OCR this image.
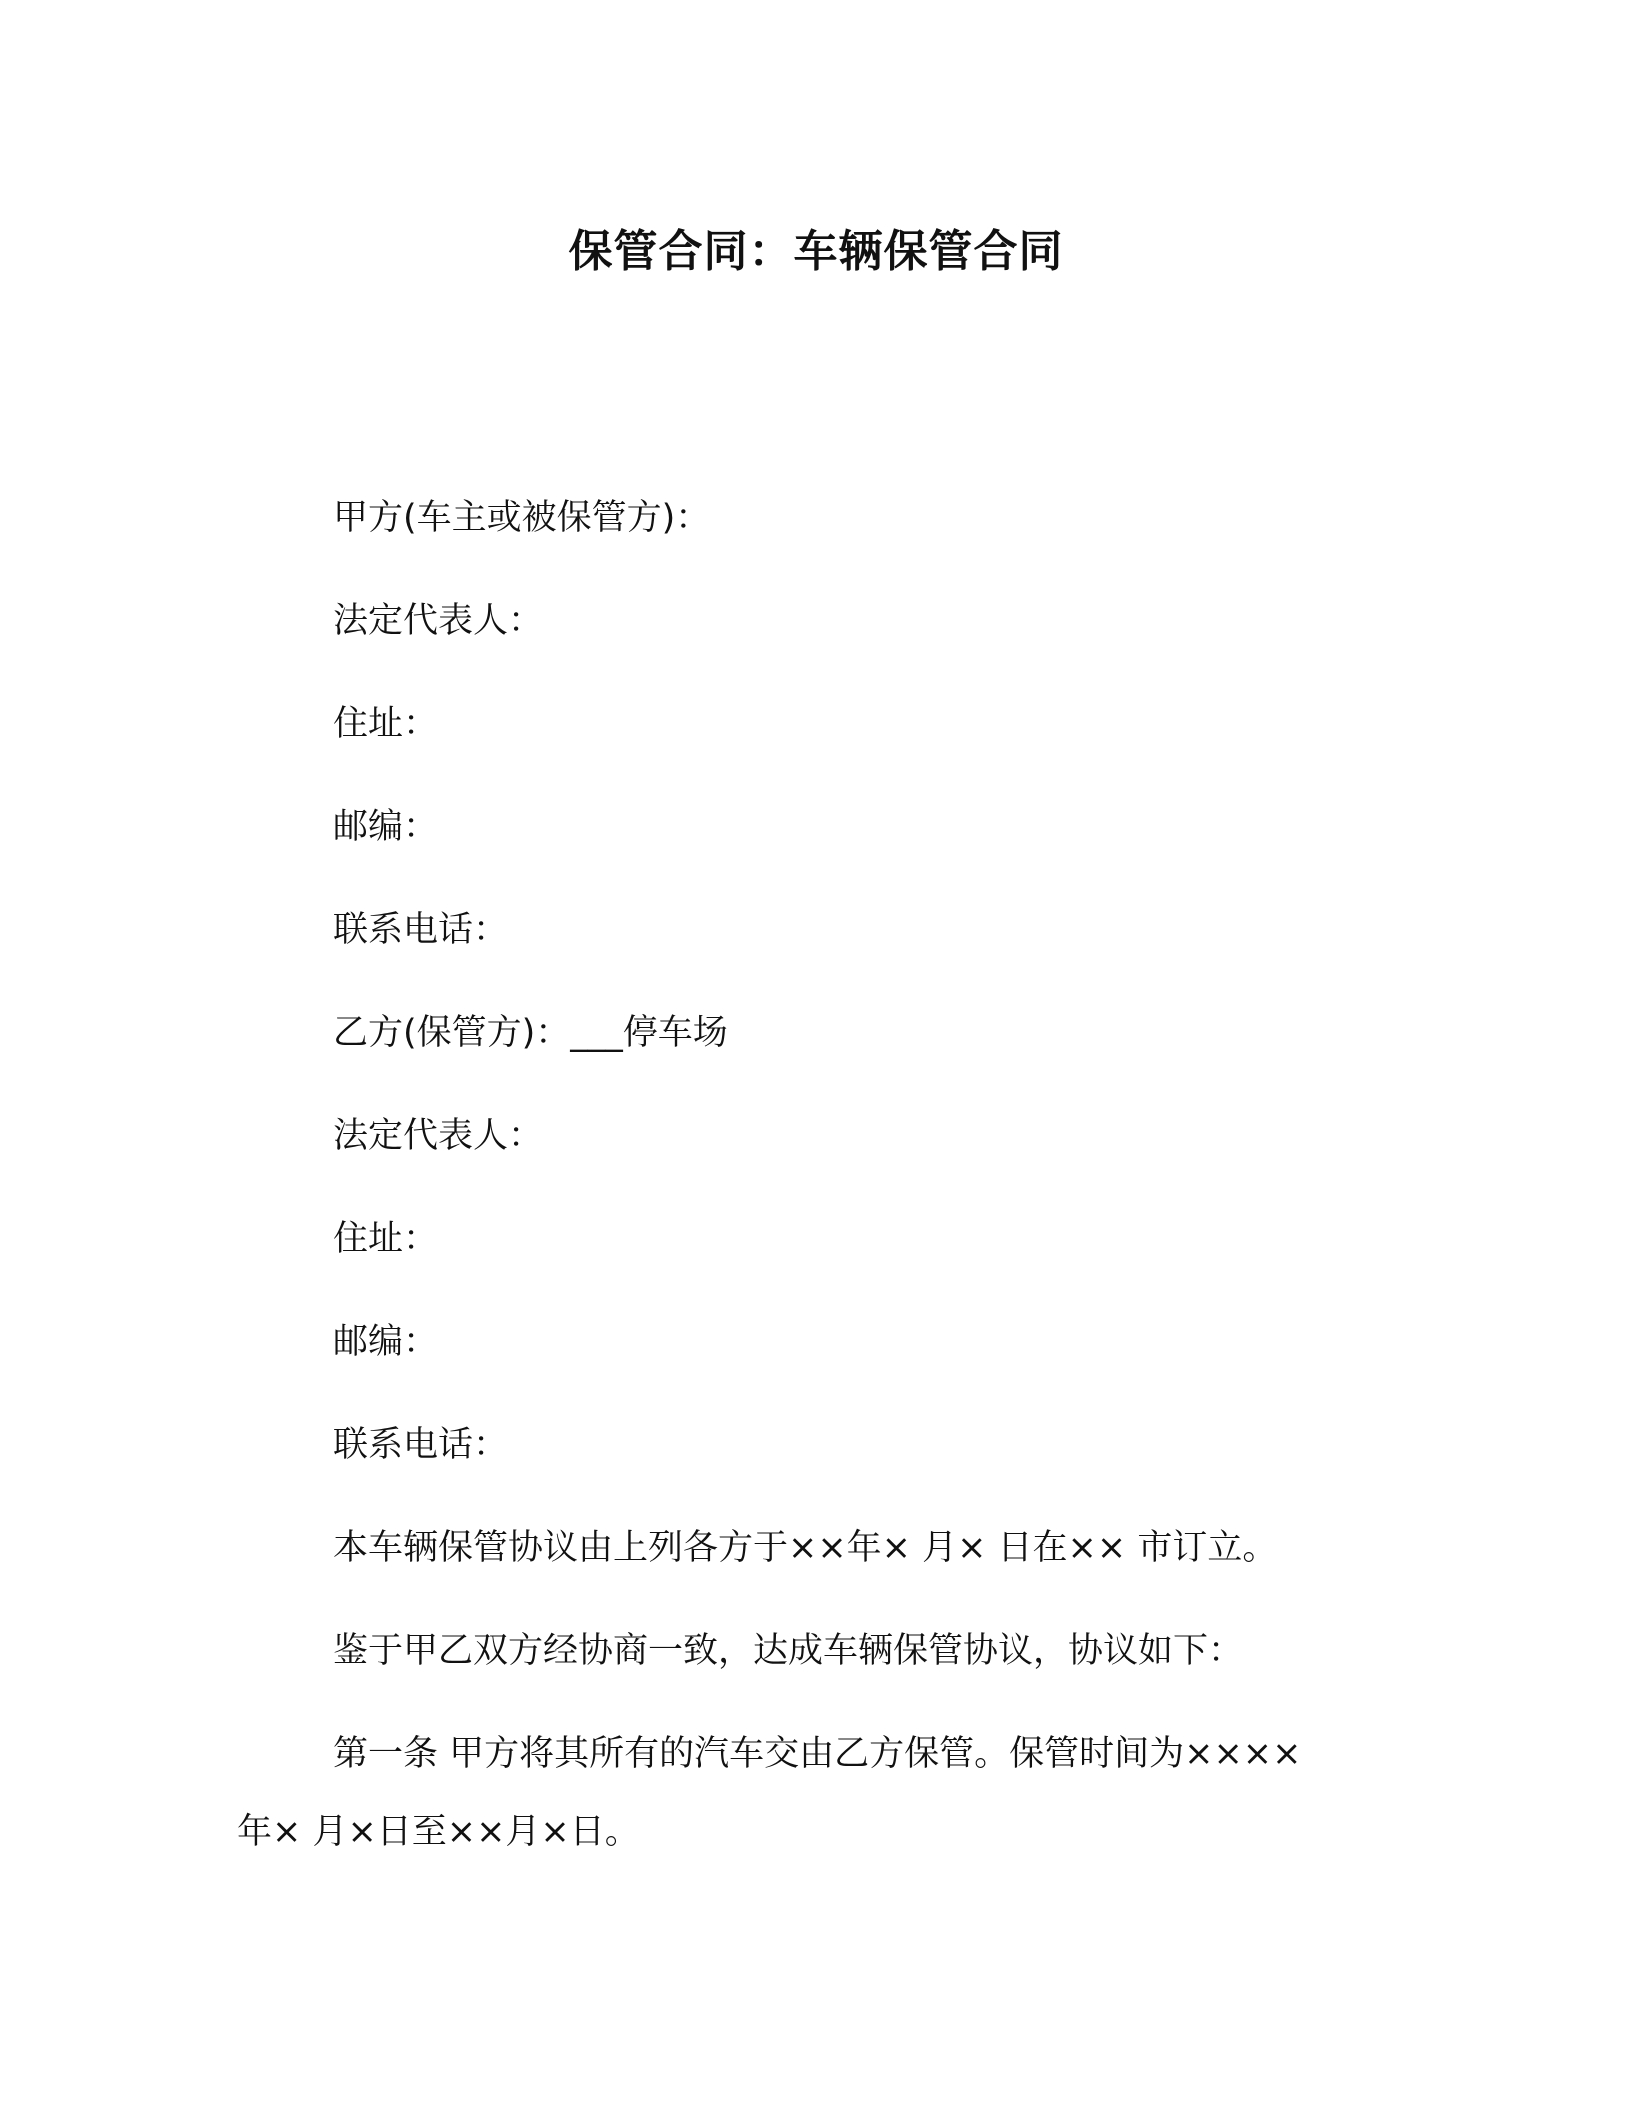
保管合同：车辆保管合同
甲方(车主或被保管方)：
法定代表人：
住址：
邮编：
联系电话：
乙方(保管方)：___停车场
法定代表人：
住址：
邮编：
联系电话：
本车辆保管协议由上列各方于××年× 月× 日在×× 市订立。
鉴于甲乙双方经协商一致，达成车辆保管协议，协议如下：
第一条 甲方将其所有的汽车交由乙方保管。保管时间为××××
年× 月×日至××月×日。
